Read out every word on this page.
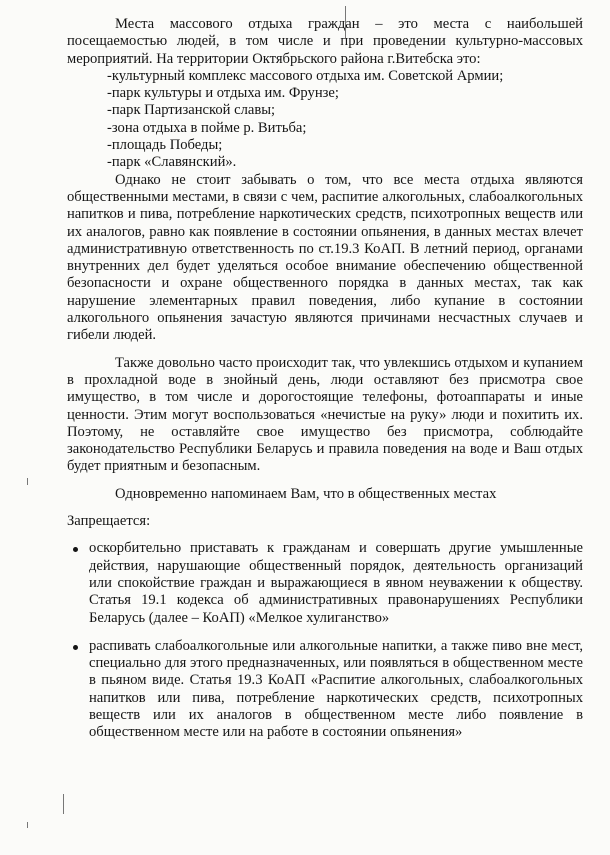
Места массового отдыха граждан – это места с наибольшей посещаемостью людей, в том числе и при проведении культурно-массовых мероприятий. На территории Октябрьского района г.Витебска это:

-культурный комплекс массового отдыха им. Советской Армии;
-парк культуры и отдыха им. Фрунзе;
-парк Партизанской славы;
-зона отдыха в пойме р. Витьба;
-площадь Победы;
-парк «Славянский».

Однако не стоит забывать о том, что все места отдыха являются общественными местами, в связи с чем, распитие алкогольных, слабоалкогольных напитков и пива, потребление наркотических средств, психотропных веществ или их аналогов, равно как появление в состоянии опьянения, в данных местах влечет административную ответственность по ст.19.3 КоАП. В летний период, органами внутренних дел будет уделяться особое внимание обеспечению общественной безопасности и охране общественного порядка в данных местах, так как нарушение элементарных правил поведения, либо купание в состоянии алкогольного опьянения зачастую являются причинами несчастных случаев и гибели людей.

Также довольно часто происходит так, что увлекшись отдыхом и купанием в прохладной воде в знойный день, люди оставляют без присмотра свое имущество, в том числе и дорогостоящие телефоны, фотоаппараты и иные ценности. Этим могут воспользоваться «нечистые на руку» люди и похитить их. Поэтому, не оставляйте свое имущество без присмотра, соблюдайте законодательство Республики Беларусь и правила поведения на воде и Ваш отдых будет приятным и безопасным.

Одновременно напоминаем Вам, что в общественных местах

Запрещается:

оскорбительно приставать к гражданам и совершать другие умышленные действия, нарушающие общественный порядок, деятельность организаций или спокойствие граждан и выражающиеся в явном неуважении к обществу. Статья 19.1 кодекса об административных правонарушениях Республики Беларусь (далее – КоАП) «Мелкое хулиганство»
распивать слабоалкогольные или алкогольные напитки, а также пиво вне мест, специально для этого предназначенных, или появляться в общественном месте в пьяном виде. Статья 19.3 КоАП «Распитие алкогольных, слабоалкогольных напитков или пива, потребление наркотических средств, психотропных веществ или их аналогов в общественном месте либо появление в общественном месте или на работе в состоянии опьянения»
